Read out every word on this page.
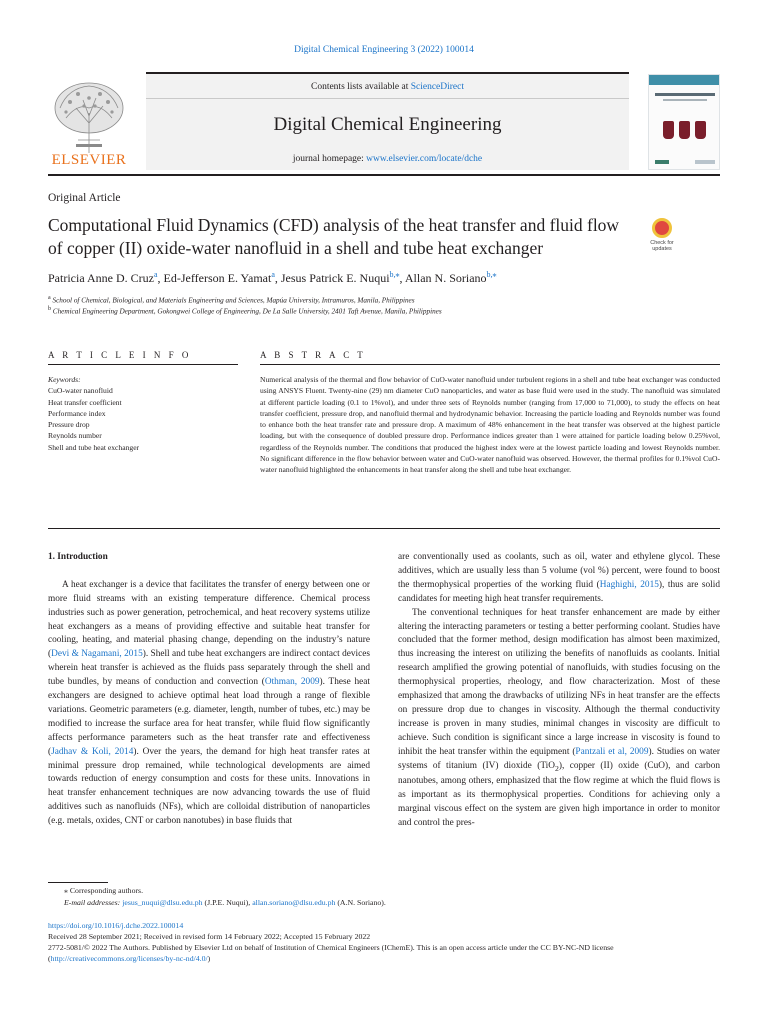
Digital Chemical Engineering 3 (2022) 100014
ELSEVIER
Contents lists available at ScienceDirect
Digital Chemical Engineering
journal homepage: www.elsevier.com/locate/dche
Original Article
Computational Fluid Dynamics (CFD) analysis of the heat transfer and fluid flow of copper (II) oxide-water nanofluid in a shell and tube heat exchanger	Check for updates
Patricia Anne D. Cruz$^a$, Ed-Jefferson E. Yamat$^a$, Jesus Patrick E. Nuqui$^{b,⁎}$, Allan N. Soriano$^{b,⁎}$
$^a$ School of Chemical, Biological, and Materials Engineering and Sciences, Mapúa University, Intramuros, Manila, Philippines
$^b$ Chemical Engineering Department, Gokongwei College of Engineering, De La Salle University, 2401 Taft Avenue, Manila, Philippines
A R T I C L E I N F O	A B S T R A C T
Keywords:
CuO-water nanofluid
Heat transfer coefficient
Performance index
Pressure drop
Reynolds number
Shell and tube heat exchanger
Numerical analysis of the thermal and flow behavior of CuO-water nanofluid under turbulent regions in a shell and tube heat exchanger was conducted using ANSYS Fluent. Twenty-nine (29) nm diameter CuO nanoparticles, and water as base fluid were used in the study. The nanofluid was simulated at different particle loading (0.1 to 1%vol), and under three sets of Reynolds number (ranging from 17,000 to 71,000), to study the effects on heat transfer coefficient, pressure drop, and nanofluid thermal and hydrodynamic behavior. Increasing the particle loading and Reynolds number was found to enhance both the heat transfer rate and pressure drop. A maximum of 48% enhancement in the heat transfer was observed at the highest particle loading, but with the consequence of doubled pressure drop. Performance indices greater than 1 were attained for particle loading below 0.25%vol, regardless of the Reynolds number. The conditions that produced the highest index were at the lowest particle loading and lowest Reynolds number. No significant difference in the flow behavior between water and CuO-water nanofluid was observed. However, the thermal profiles for 0.1%vol CuO-water nanofluid highlighted the enhancements in heat transfer along the shell and tube heat exchanger.
1. Introduction

A heat exchanger is a device that facilitates the transfer of energy between one or more fluid streams with an existing temperature difference. Chemical process industries such as power generation, petrochemical, and heat recovery systems utilize heat exchangers as a means of providing effective and suitable heat transfer for cooling, heating, and material phasing change, depending on the industry’s nature (Devi & Nagamani, 2015). Shell and tube heat exchangers are indirect contact devices wherein heat transfer is achieved as the fluids pass separately through the shell and tube bundles, by means of conduction and convection (Othman, 2009). These heat exchangers are designed to achieve optimal heat load through a range of flexible variations. Geometric parameters (e.g. diameter, length, number of tubes, etc.) may be modified to increase the surface area for heat transfer, while fluid flow significantly affects performance parameters such as the heat transfer rate and effectiveness (Jadhav & Koli, 2014). Over the years, the demand for high heat transfer rates at minimal pressure drop remained, while technological developments are aimed towards reduction of energy consumption and costs for these units. Innovations in heat transfer enhancement techniques are now advancing towards the use of fluid additives such as nanofluids (NFs), which are colloidal distribution of nanoparticles (e.g. metals, oxides, CNT or carbon nanotubes) in base fluids that

are conventionally used as coolants, such as oil, water and ethylene glycol. These additives, which are usually less than 5 volume (vol %) percent, were found to boost the thermophysical properties of the working fluid (Haghighi, 2015), thus are solid candidates for meeting high heat transfer requirements.

The conventional techniques for heat transfer enhancement are made by either altering the interacting parameters or testing a better performing coolant. Studies have concluded that the former method, design modification has almost been maximized, thus increasing the interest on utilizing the benefits of nanofluids as coolants. Initial research amplified the growing potential of nanofluids, with studies focusing on the thermophysical properties, rheology, and flow characterization. Most of these emphasized that among the drawbacks of utilizing NFs in heat transfer are the effects on pressure drop due to changes in viscosity. Although the thermal conductivity increase is proven in many studies, minimal changes in viscosity are difficult to achieve. Such condition is significant since a large increase in viscosity is found to inhibit the heat transfer within the equipment (Pantzali et al, 2009). Studies on water systems of titanium (IV) dioxide (TiO$_2$), copper (II) oxide (CuO), and carbon nanotubes, among others, emphasized that the flow regime at which the fluid flows is as important as its thermophysical properties. Conditions for achieving only a marginal viscous effect on the system are given high importance in order to monitor and control the pres-

⁎ Corresponding authors.
E-mail addresses: jesus_nuqui@dlsu.edu.ph (J.P.E. Nuqui), allan.soriano@dlsu.edu.ph (A.N. Soriano).
https://doi.org/10.1016/j.dche.2022.100014
Received 28 September 2021; Received in revised form 14 February 2022; Accepted 15 February 2022
2772-5081/© 2022 The Authors. Published by Elsevier Ltd on behalf of Institution of Chemical Engineers (IChemE). This is an open access article under the CC BY-NC-ND license (http://creativecommons.org/licenses/by-nc-nd/4.0/)
